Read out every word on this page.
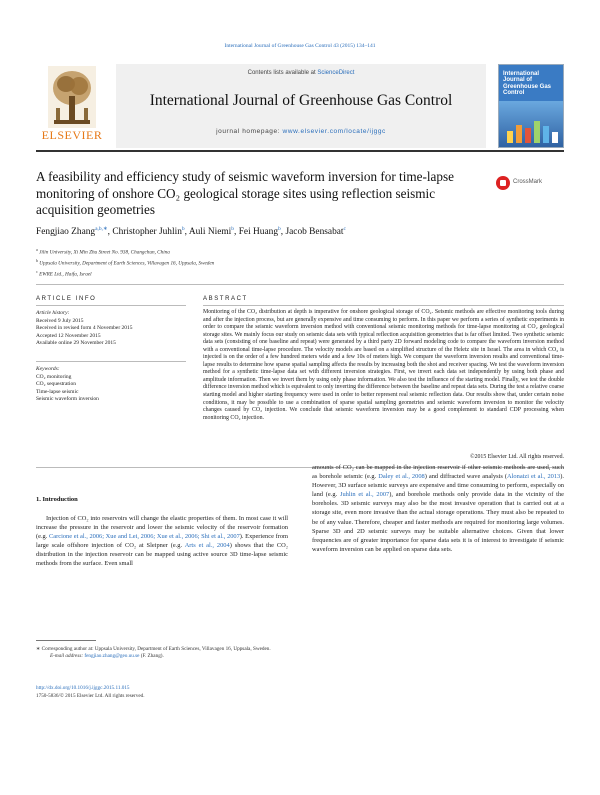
International Journal of Greenhouse Gas Control 43 (2015) 134–141
ELSEVIER
Contents lists available at ScienceDirect
International Journal of Greenhouse Gas Control
journal homepage: www.elsevier.com/locate/ijggc
International Journal of Greenhouse Gas Control
A feasibility and efficiency study of seismic waveform inversion for time-lapse monitoring of onshore CO₂ geological storage sites using reflection seismic acquisition geometries
CrossMark
Fengjiao Zhang$^{a,b,∗}$, Christopher Juhlin$^b$, Auli Niemi$^b$, Fei Huang$^b$, Jacob Bensabat$^c$
$^a$ Jilin University, Xi Min Zhu Street No. 938, Changchun, China
$^b$ Uppsala University, Department of Earth Sciences, Villavagen 16, Uppsala, Sweden
$^c$ EWRE Ltd., Haifa, Israel
ARTICLE INFO	ABSTRACT
Article history:
Received 9 July 2015
Received in revised form 4 November 2015
Accepted 12 November 2015
Available online 29 November 2015
Keywords:
CO₂ monitoring
CO₂ sequestration
Time-lapse seismic
Seismic waveform inversion
Monitoring of the CO₂ distribution at depth is imperative for onshore geological storage of CO₂. Seismic methods are effective monitoring tools during and after the injection process, but are generally expensive and time consuming to perform. In this paper we perform a series of synthetic experiments in order to compare the seismic waveform inversion method with conventional seismic monitoring methods for time-lapse monitoring at CO₂ geological storage sites. We mainly focus our study on seismic data sets with typical reflection acquisition geometries that is far offset limited. Two synthetic seismic data sets (consisting of one baseline and repeat) were generated by a third party 2D forward modeling code to compare the waveform inversion method with a conventional time-lapse procedure. The velocity models are based on a simplified structure of the Heletz site in Israel. The area in which CO₂ is injected is on the order of a few hundred meters wide and a few 10s of meters high. We compare the waveform inversion results and conventional time-lapse results to determine how sparse spatial sampling affects the results by increasing both the shot and receiver spacing. We test the waveform inversion method for a synthetic time-lapse data set with different inversion strategies. First, we invert each data set independently by using both phase and amplitude information. Then we invert them by using only phase information. We also test the influence of the starting model. Finally, we test the double difference inversion method which is equivalent to only inverting the difference between the baseline and repeat data sets. During the test a relative coarse starting model and higher starting frequency were used in order to better represent real seismic reflection data. Our results show that, under certain noise conditions, it may be possible to use a combination of sparse spatial sampling geometries and seismic waveform inversion to monitor the velocity changes caused by CO₂ injection. We conclude that seismic waveform inversion may be a good complement to standard CDP processing when monitoring CO₂ injection.
©2015 Elsevier Ltd. All rights reserved.
1. Introduction
Injection of CO₂ into reservoirs will change the elastic properties of them. In most case it will increase the pressure in the reservoir and lower the seismic velocity of the reservoir formation (e.g. Carcione et al., 2006; Xue and Lei, 2006; Xue et al., 2006; Shi et al., 2007). Experience from large scale offshore injection of CO₂ at Sleipner (e.g. Arts et al., 2004) shows that the CO₂ distribution in the injection reservoir can be mapped using active source 3D time-lapse seismic methods from the surface. Even small
amounts of CO₂ can be mapped in the injection reservoir if other seismic methods are used, such as borehole seismic (e.g. Daley et al., 2008) and diffracted wave analysis (Alonaizi et al., 2013). However, 3D surface seismic surveys are expensive and time consuming to perform, especially on land (e.g. Juhlin et al., 2007), and borehole methods only provide data in the vicinity of the boreholes. 3D seismic surveys may also be the most invasive operation that is carried out at a storage site, even more invasive than the actual storage operations. They must also be repeated to be of any value. Therefore, cheaper and faster methods are required for monitoring large volumes. Sparse 3D and 2D seismic surveys may be suitable alternative choices. Given that lower frequencies are of greater importance for sparse data sets it is of interest to investigate if seismic waveform inversion can be applied on sparse data sets.
∗ Corresponding author at: Uppsala University, Department of Earth Sciences, Villavagen 16, Uppsala, Sweden.
E-mail address: fengjiao.zhang@geo.uu.se (F. Zhang).
http://dx.doi.org/10.1016/j.ijggc.2015.11.015
1750-5836/© 2015 Elsevier Ltd. All rights reserved.
